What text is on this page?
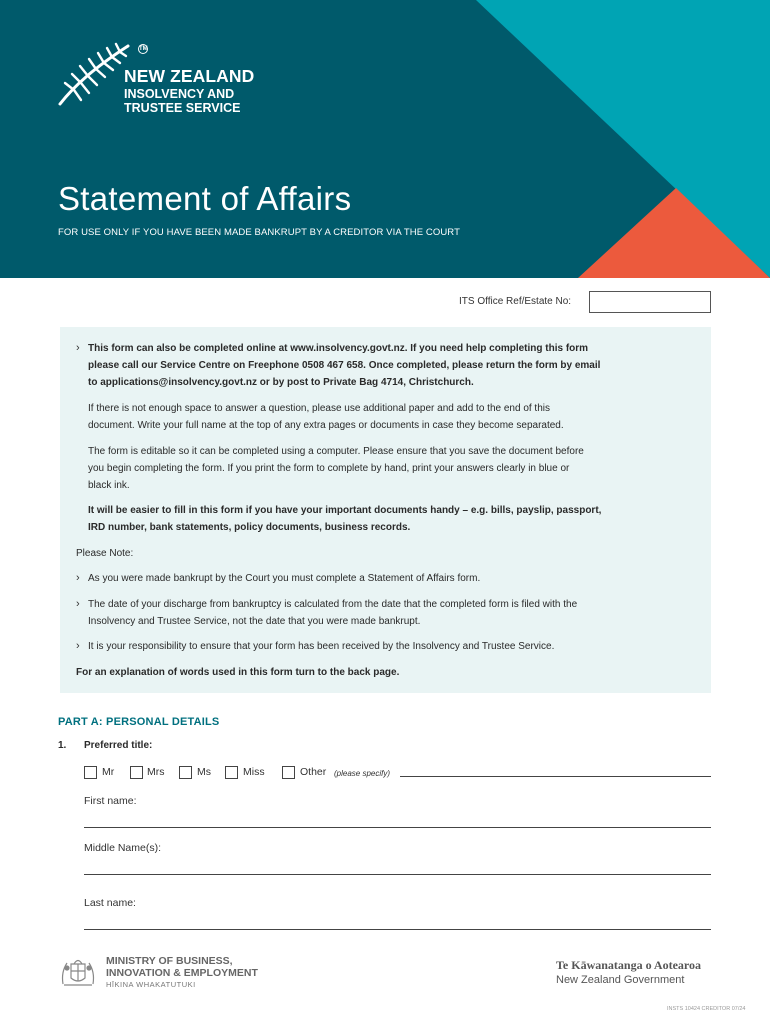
TM
NEW ZEALAND
INSOLVENCY AND
TRUSTEE SERVICE
Statement of Affairs
FOR USE ONLY IF YOU HAVE BEEN MADE BANKRUPT BY A CREDITOR VIA THE COURT
ITS Office Ref/Estate No:
› This form can also be completed online at www.insolvency.govt.nz. If you need help completing this form
please call our Service Centre on Freephone 0508 467 658. Once completed, please return the form by email
to applications@insolvency.govt.nz or by post to Private Bag 4714, Christchurch.
If there is not enough space to answer a question, please use additional paper and add to the end of this
document. Write your full name at the top of any extra pages or documents in case they become separated.
The form is editable so it can be completed using a computer. Please ensure that you save the document before
you begin completing the form. If you print the form to complete by hand, print your answers clearly in blue or
black ink.
It will be easier to fill in this form if you have your important documents handy – e.g. bills, payslip, passport,
IRD number, bank statements, policy documents, business records.
Please Note:
› As you were made bankrupt by the Court you must complete a Statement of Affairs form.
› The date of your discharge from bankruptcy is calculated from the date that the completed form is filed with the
Insolvency and Trustee Service, not the date that you were made bankrupt.
› It is your responsibility to ensure that your form has been received by the Insolvency and Trustee Service.
For an explanation of words used in this form turn to the back page.
PART A: PERSONAL DETAILS
1. Preferred title:
Mr	Mrs	Ms	Miss	Other (please specify)
First name:
Middle Name(s):
Last name:
MINISTRY OF BUSINESS,
INNOVATION & EMPLOYMENT
HĪKINA WHAKATUTUKI
Te Kāwanatanga o Aotearoa
New Zealand Government
INSTS 10424 CREDITOR 07/24
